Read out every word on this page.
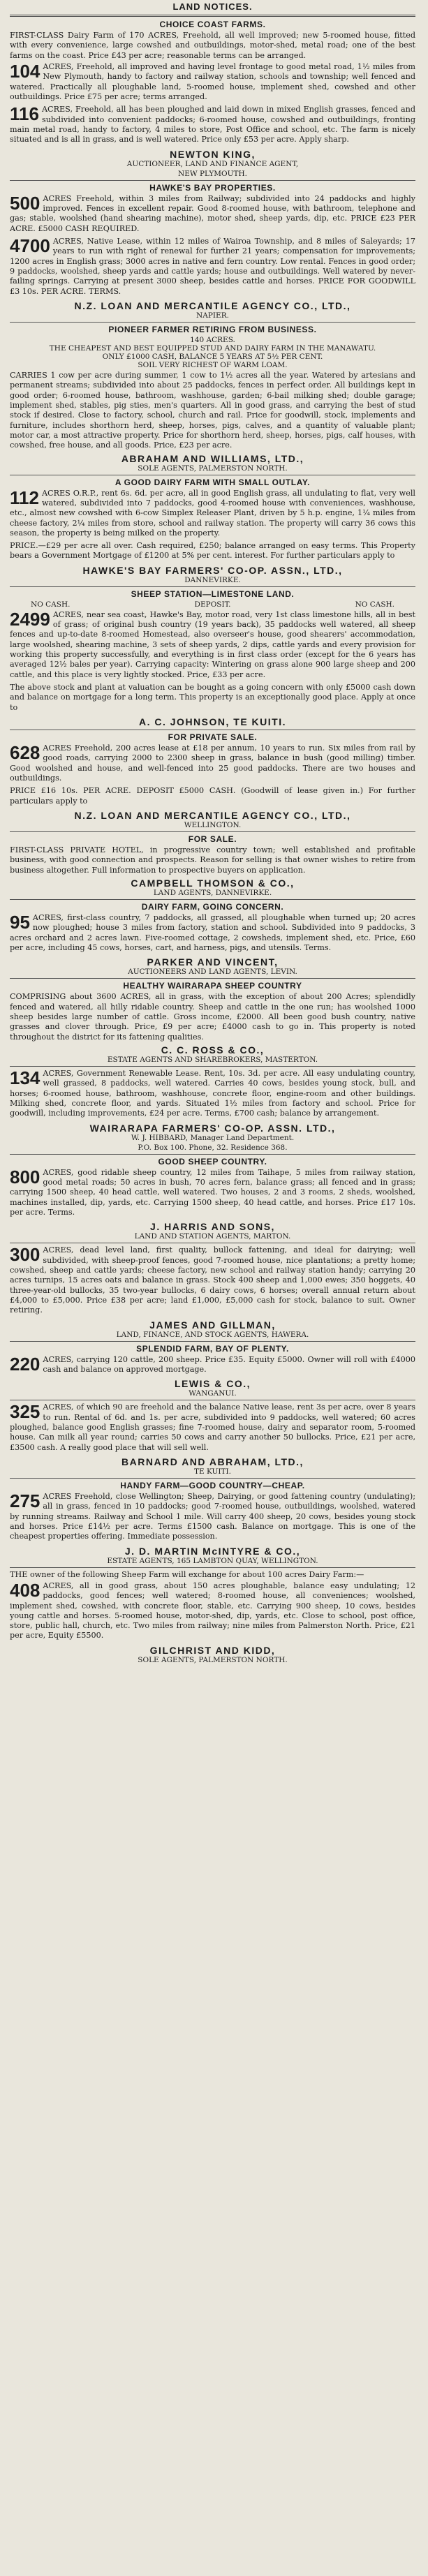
LAND NOTICES.
CHOICE COAST FARMS.

FIRST-CLASS Dairy Farm of 170 ACRES, Freehold, all well improved; new 5-roomed house, fitted with every convenience, large cowshed and outbuildings, motor-shed, metal road; one of the best farms on the coast. Price £43 per acre; reasonable terms can be arranged.

104 ACRES, Freehold, all improved and having level frontage to good metal road, 1½ miles from New Plymouth, handy to factory and railway station, schools and township; well fenced and watered. Practically all ploughable land, 5-roomed house, implement shed, cowshed and other outbuildings. Price £75 per acre; terms arranged.

116 ACRES, Freehold, all has been ploughed and laid down in mixed English grasses, fenced and subdivided into convenient paddocks; 6-roomed house, cowshed and outbuildings, fronting main metal road, handy to factory, 4 miles to store, Post Office and school, etc. The farm is nicely situated and is all in grass, and is well watered. Price only £53 per acre. Apply sharp.

NEWTON KING,
AUCTIONEER, LAND AND FINANCE AGENT,
NEW PLYMOUTH.
HAWKE'S BAY PROPERTIES.

500 ACRES Freehold, within 3 miles from Railway; subdivided into 24 paddocks and highly improved. Fences in excellent repair. Good 8-roomed house, with bathroom, telephone and gas; stable, woolshed (hand shearing machine), motor shed, sheep yards, dip, etc. PRICE £23 PER ACRE. £5000 CASH REQUIRED.

4700 ACRES, Native Lease, within 12 miles of Wairoa Township, and 8 miles of Saleyards; 17 years to run with right of renewal for further 21 years; compensation for improvements; 1200 acres in English grass; 3000 acres in native and fern country. Low rental. Fences in good order; 9 paddocks, woolshed, sheep yards and cattle yards; house and outbuildings. Well watered by never-failing springs. Carrying at present 3000 sheep, besides cattle and horses. PRICE FOR GOODWILL £3 10s. PER ACRE. TERMS.

N.Z. LOAN AND MERCANTILE AGENCY CO., LTD.,
NAPIER.
PIONEER FARMER RETIRING FROM BUSINESS.
140 ACRES.
THE CHEAPEST AND BEST EQUIPPED STUD AND DAIRY FARM IN THE MANAWATU.
ONLY £1000 CASH, BALANCE 5 YEARS AT 5½ PER CENT.
SOIL VERY RICHEST OF WARM LOAM.

CARRIES 1 cow per acre during summer, 1 cow to 1½ acres all the year. Watered by artesians and permanent streams; subdivided into about 25 paddocks, fences in perfect order. All buildings kept in good order; 6-roomed house, bathroom, washhouse, garden; 6-bail milking shed; double garage; implement shed, stables, pig sties, men's quarters. All in good grass, and carrying the best of stud stock if desired. Close to factory, school, church and rail. Price for goodwill, stock, implements and furniture, includes shorthorn herd, sheep, horses, pigs, calves, and a quantity of valuable plant; motor car, a most attractive property. Price for shorthorn herd, sheep, horses, pigs, calf houses, with cowshed, free house, and all goods. Price, £23 per acre.

ABRAHAM AND WILLIAMS, LTD.,
SOLE AGENTS, PALMERSTON NORTH.
A GOOD DAIRY FARM WITH SMALL OUTLAY.

112 ACRES O.R.P., rent 6s. 6d. per acre, all in good English grass, all undulating to flat, very well watered, subdivided into 7 paddocks, good 4-roomed house with conveniences, washhouse, etc., almost new cowshed with 6-cow Simplex Releaser Plant, driven by 5 h.p. engine, 1¼ miles from cheese factory, 2¼ miles from store, school and railway station. The property will carry 36 cows this season, the property is being milked on the property.

PRICE.—£29 per acre all over. Cash required, £250; balance arranged on easy terms. This Property bears a Government Mortgage of £1200 at 5% per cent. interest. For further particulars apply to

HAWKE'S BAY FARMERS' CO-OP. ASSN., LTD.,
DANNEVIRKE.
SHEEP STATION—LIMESTONE LAND.
NO CASH.	DEPOSIT.	NO CASH.

2499 ACRES, near sea coast, Hawke's Bay, motor road, very 1st class limestone hills, all in best of grass; of original bush country (19 years back), 35 paddocks well watered, all sheep fences and up-to-date 8-roomed Homestead, also overseer's house, good shearers' accommodation, large woolshed, shearing machine, 3 sets of sheep yards, 2 dips, cattle yards and every provision for working this property successfully, and everything is in first class order (except for the 6 years has averaged 12½ bales per year). Carrying capacity: Wintering on grass alone 900 large sheep and 200 cattle, and this place is very lightly stocked. Price, £33 per acre.

The above stock and plant at valuation can be bought as a going concern with only £5000 cash down and balance on mortgage for a long term. This property is an exceptionally good place. Apply at once to

A. C. JOHNSON, TE KUITI.
FOR PRIVATE SALE.

628 ACRES Freehold, 200 acres lease at £18 per annum, 10 years to run. Six miles from rail by good roads, carrying 2000 to 2300 sheep in grass, balance in bush (good milling) timber. Good woolshed and house, and well-fenced into 25 good paddocks. There are two houses and outbuildings.

PRICE £16 10s. PER ACRE. DEPOSIT £5000 CASH. (Goodwill of lease given in.) For further particulars apply to

N.Z. LOAN AND MERCANTILE AGENCY CO., LTD.,
WELLINGTON.
FOR SALE.

FIRST-CLASS PRIVATE HOTEL, in progressive country town; well established and profitable business, with good connection and prospects. Reason for selling is that owner wishes to retire from business altogether. Full information to prospective buyers on application.

CAMPBELL THOMSON & CO.,
LAND AGENTS, DANNEVIRKE.
DAIRY FARM, GOING CONCERN.

95 ACRES, first-class country, 7 paddocks, all grassed, all ploughable when turned up; 20 acres now ploughed; house 3 miles from factory, station and school. Subdivided into 9 paddocks, 3 acres orchard and 2 acres lawn. Five-roomed cottage, 2 cowsheds, implement shed, etc. Price, £60 per acre, including 45 cows, horses, cart, and harness, pigs, and utensils. Terms.

PARKER AND VINCENT,
AUCTIONEERS AND LAND AGENTS, LEVIN.
HEALTHY WAIRARAPA SHEEP COUNTRY

COMPRISING about 3600 ACRES, all in grass, with the exception of about 200 Acres; splendidly fenced and watered, all hilly ridable country. Sheep and cattle in the one run; has woolshed 1000 sheep besides large number of cattle. Gross income, £2000. All been good bush country, native grasses and clover through. Price, £9 per acre; £4000 cash to go in. This property is noted throughout the district for its fattening qualities.

C. C. ROSS & CO.,
ESTATE AGENTS AND SHAREBROKERS, MASTERTON.

134 ACRES, Government Renewable Lease. Rent, 10s. 3d. per acre. All easy undulating country, well grassed, 8 paddocks, well watered. Carries 40 cows, besides young stock, bull, and horses; 6-roomed house, bathroom, washhouse, concrete floor, engine-room and other buildings. Milking shed, concrete floor, and yards. Situated 1½ miles from factory and school. Price for goodwill, including improvements, £24 per acre. Terms, £700 cash; balance by arrangement.

WAIRARAPA FARMERS' CO-OP. ASSN. LTD.,
W. J. HIBBARD, Manager Land Department.
P.O. Box 100. Phone, 32. Residence 368.
GOOD SHEEP COUNTRY.

800 ACRES, good ridable sheep country, 12 miles from Taihape, 5 miles from railway station, good metal roads; 50 acres in bush, 70 acres fern, balance grass; all fenced and in grass; carrying 1500 sheep, 40 head cattle, well watered. Two houses, 2 and 3 rooms, 2 sheds, woolshed, machines installed, dip, yards, etc. Carrying 1500 sheep, 40 head cattle, and horses. Price £17 10s. per acre. Terms.

J. HARRIS AND SONS,
LAND AND STATION AGENTS, MARTON.

300 ACRES, dead level land, first quality, bullock fattening, and ideal for dairying; well subdivided, with sheep-proof fences, good 7-roomed house, nice plantations; a pretty home; cowshed, sheep and cattle yards; cheese factory, new school and railway station handy; carrying 20 acres turnips, 15 acres oats and balance in grass. Stock 400 sheep and 1,000 ewes; 350 hoggets, 40 three-year-old bullocks, 35 two-year bullocks, 6 dairy cows, 6 horses; overall annual return about £4,000 to £5,000. Price £38 per acre; land £1,000, £5,000 cash for stock, balance to suit. Owner retiring.

JAMES AND GILLMAN,
LAND, FINANCE, AND STOCK AGENTS, HAWERA.
SPLENDID FARM, BAY OF PLENTY.

220 ACRES, carrying 120 cattle, 200 sheep. Price £35. Equity £5000. Owner will roll with £4000 cash and balance on approved mortgage.

LEWIS & CO.,
WANGANUI.

325 ACRES, of which 90 are freehold and the balance Native lease, rent 3s per acre, over 8 years to run. Rental of 6d. and 1s. per acre, subdivided into 9 paddocks, well watered; 60 acres ploughed, balance good English grasses; fine 7-roomed house, dairy and separator room, 5-roomed house. Can milk all year round; carries 50 cows and carry another 50 bullocks. Price, £21 per acre, £3500 cash. A really good place that will sell well.

BARNARD AND ABRAHAM, LTD.,
TE KUITI.
HANDY FARM—GOOD COUNTRY—CHEAP.

275 ACRES Freehold, close Wellington; Sheep, Dairying, or good fattening country (undulating); all in grass, fenced in 10 paddocks; good 7-roomed house, outbuildings, woolshed, watered by running streams. Railway and School 1 mile. Will carry 400 sheep, 20 cows, besides young stock and horses. Price £14½ per acre. Terms £1500 cash. Balance on mortgage. This is one of the cheapest properties offering. Immediate possession.

J. D. MARTIN McINTYRE & CO.,
ESTATE AGENTS, 165 LAMBTON QUAY, WELLINGTON.

THE owner of the following Sheep Farm will exchange for about 100 acres Dairy Farm:—

408 ACRES, all in good grass, about 150 acres ploughable, balance easy undulating; 12 paddocks, good fences; well watered; 8-roomed house, all conveniences; woolshed, implement shed, cowshed, with concrete floor, stable, etc. Carrying 900 sheep, 10 cows, besides young cattle and horses. 5-roomed house, motor-shed, dip, yards, etc. Close to school, post office, store, public hall, church, etc. Two miles from railway; nine miles from Palmerston North. Price, £21 per acre, Equity £5500.

GILCHRIST AND KIDD,
SOLE AGENTS, PALMERSTON NORTH.
